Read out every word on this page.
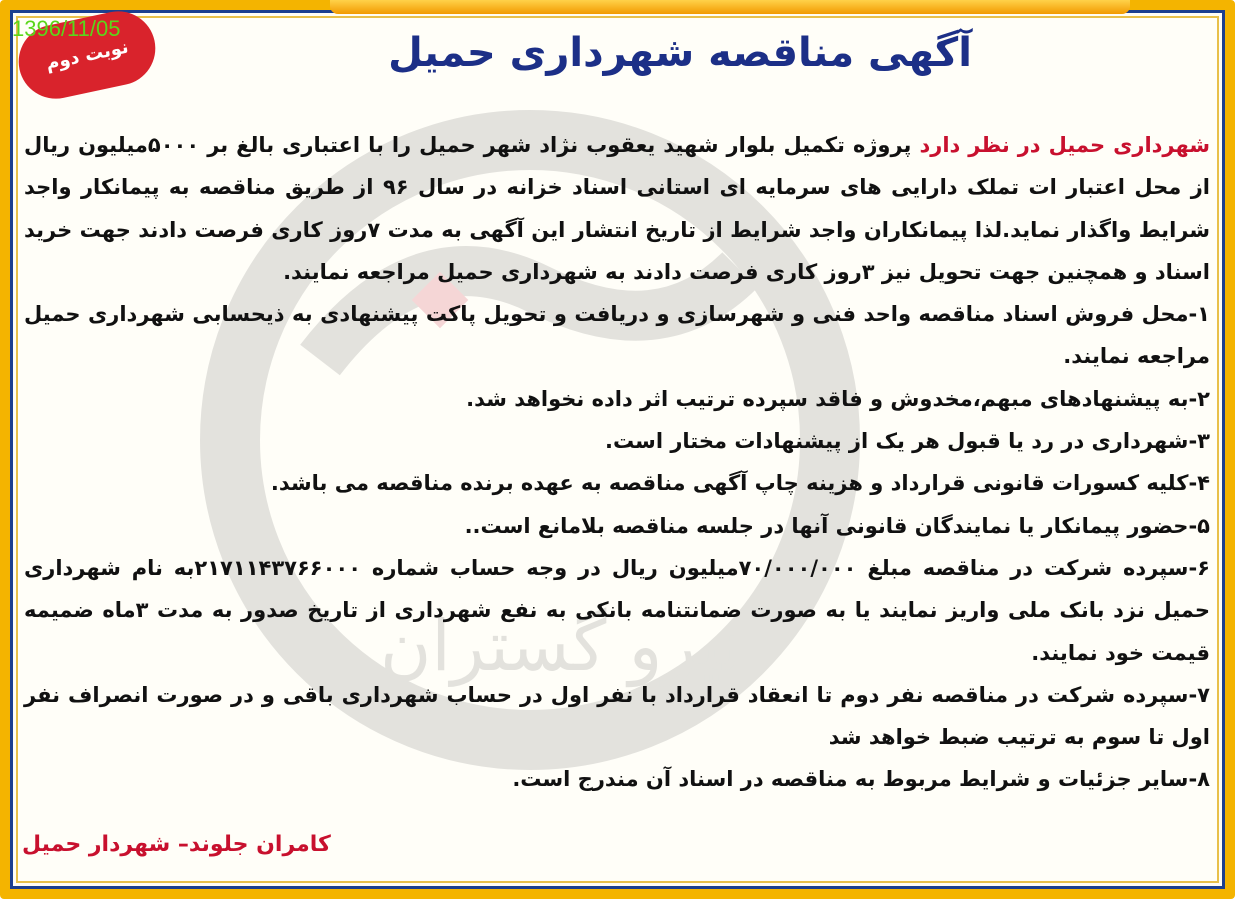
نیرو گستران
1396/11/05
نوبت دوم	آگهی مناقصه شهرداری حمیل

شهرداری حمیل در نظر دارد پروژه تکمیل بلوار شهید یعقوب نژاد شهر حمیل را با اعتباری بالغ بر ۵۰۰۰میلیون ریال از محل اعتبار ات تملک دارایی های سرمایه ای استانی اسناد خزانه در سال ۹۶ از طریق مناقصه به پیمانکار واجد شرایط واگذار نماید.لذا پیمانکاران واجد شرایط از تاریخ انتشار این آگهی به مدت ۷روز کاری فرصت دادند جهت خرید اسناد و همچنین جهت تحویل نیز ۳روز کاری فرصت دادند به شهرداری حمیل مراجعه نمایند.

۱-محل فروش اسناد مناقصه واحد فنی و شهرسازی و دریافت و تحویل پاکت پیشنهادی به ذیحسابی شهرداری حمیل مراجعه نمایند.

۲-به پیشنهادهای مبهم،مخدوش و فاقد سپرده ترتیب اثر داده نخواهد شد.

۳-شهرداری در رد یا قبول هر یک از پیشنهادات مختار است.

۴-کلیه کسورات قانونی قرارداد و هزینه چاپ آگهی مناقصه به عهده برنده مناقصه می باشد.

۵-حضور پیمانکار یا نمایندگان قانونی آنها در جلسه مناقصه بلامانع است..

۶-سپرده شرکت در مناقصه مبلغ ۷۰/۰۰۰/۰۰۰میلیون ریال در وجه حساب شماره ۲۱۷۱۱۴۳۷۶۶۰۰۰به نام شهرداری حمیل نزد بانک ملی واریز نمایند یا به صورت ضمانتنامه بانکی به نفع شهرداری از تاریخ صدور به مدت ۳ماه ضمیمه قیمت خود نمایند.

۷-سپرده شرکت در مناقصه نفر دوم تا انعقاد قرارداد با نفر اول در حساب شهرداری باقی و در صورت انصراف نفر اول تا سوم به ترتیب ضبط خواهد شد

۸-سایر جزئیات و شرایط مربوط به مناقصه در اسناد آن مندرج است.

کامران جلوند– شهردار حمیل
